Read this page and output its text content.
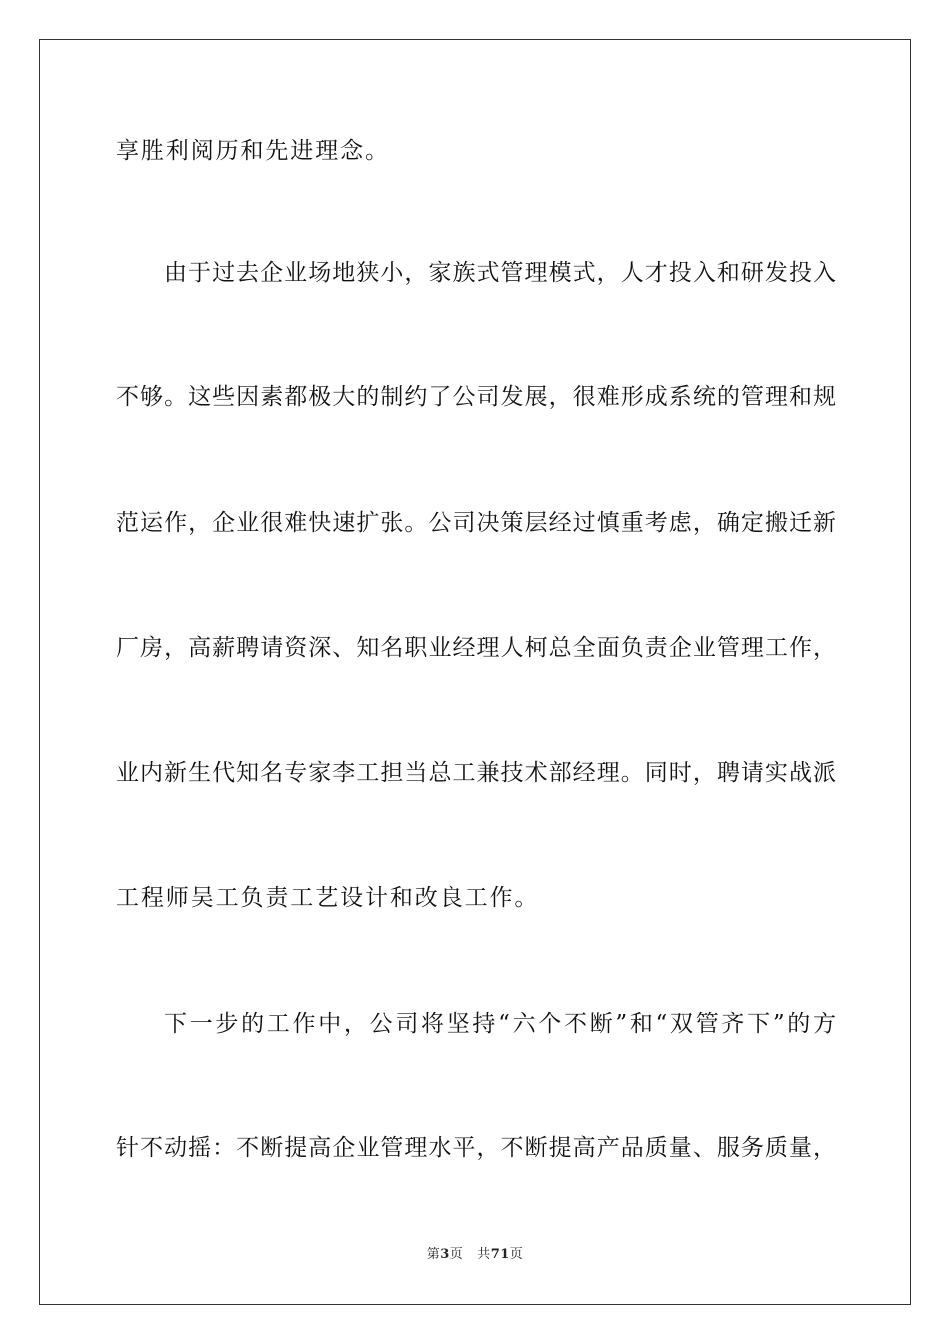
享胜利阅历和先进理念。
由于过去企业场地狭小，家族式管理模式，人才投入和研发投入
不够。这些因素都极大的制约了公司发展，很难形成系统的管理和规
范运作，企业很难快速扩张。公司决策层经过慎重考虑，确定搬迁新
厂房，高薪聘请资深、知名职业经理人柯总全面负责企业管理工作，
业内新生代知名专家李工担当总工兼技术部经理。同时，聘请实战派
工程师吴工负责工艺设计和改良工作。
下一步的工作中，公司将坚持“六个不断”和“双管齐下”的方
针不动摇：不断提高企业管理水平，不断提高产品质量、服务质量，
第3页 共71页
